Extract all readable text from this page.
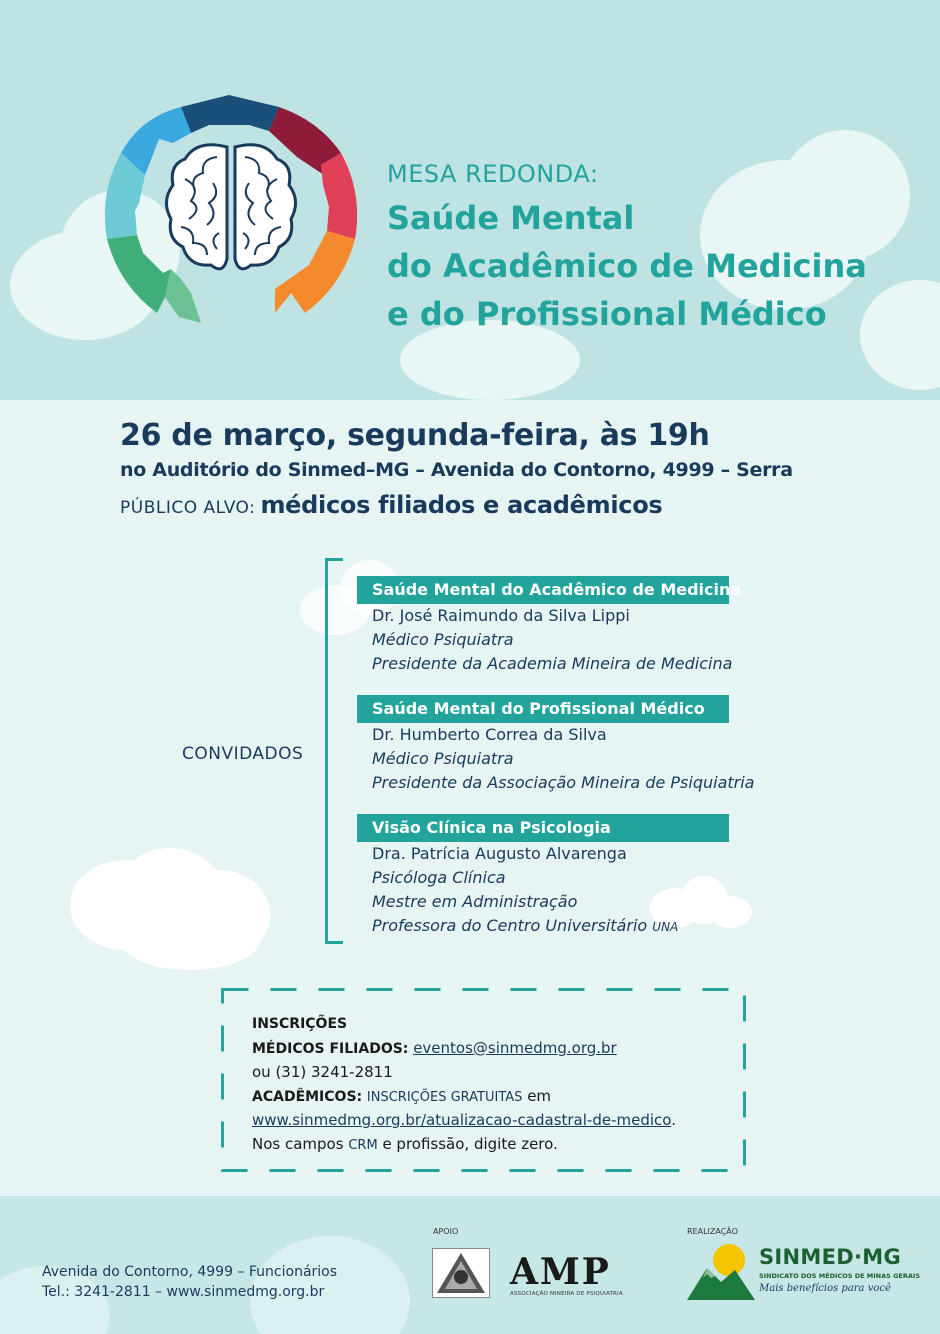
MESA REDONDA:
Saúde Mental
do Acadêmico de Medicina
e do Profissional Médico
26 de março, segunda-feira, às 19h
no Auditório do Sinmed–MG – Avenida do Contorno, 4999 – Serra
PÚBLICO ALVO: médicos filiados e acadêmicos
CONVIDADOS
Saúde Mental do Acadêmico de Medicina
Dr. José Raimundo da Silva Lippi
Médico Psiquiatra
Presidente da Academia Mineira de Medicina
Saúde Mental do Profissional Médico
Dr. Humberto Correa da Silva
Médico Psiquiatra
Presidente da Associação Mineira de Psiquiatria
Visão Clínica na Psicologia
Dra. Patrícia Augusto Alvarenga
Psicóloga Clínica
Mestre em Administração
Professora do Centro Universitário UNA
INSCRIÇÕES
MÉDICOS FILIADOS: eventos@sinmedmg.org.br
ou (31) 3241-2811
ACADÊMICOS: INSCRIÇÕES GRATUITAS em
www.sinmedmg.org.br/atualizacao-cadastral-de-medico.
Nos campos CRM e profissão, digite zero.
Avenida do Contorno, 4999 – Funcionários
Tel.: 3241-2811 – www.sinmedmg.org.br
APOIO	REALIZAÇÃO
AMP
ASSOCIAÇÃO MINEIRA DE PSIQUIATRIA
SINMED·MG
SINDICATO DOS MÉDICOS DE MINAS GERAIS
Mais benefícios para você
